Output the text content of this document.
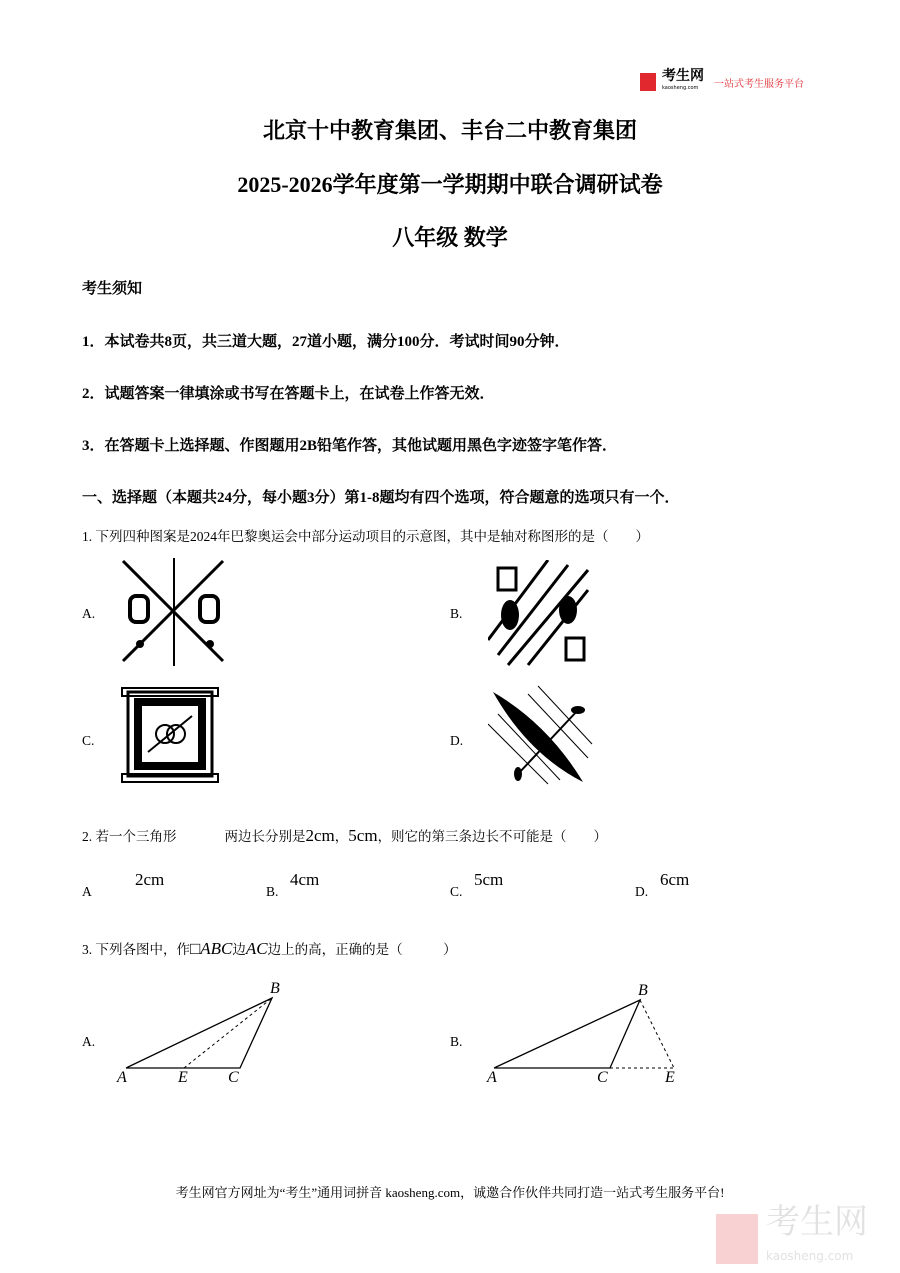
考生网
kaosheng.com	一站式考生服务平台
北京十中教育集团、丰台二中教育集团
2025-2026学年度第一学期期中联合调研试卷
八年级 数学
考生须知
1．本试卷共8页，共三道大题，27道小题，满分100分．考试时间90分钟．
2．试题答案一律填涂或书写在答题卡上，在试卷上作答无效．
3．在答题卡上选择题、作图题用2B铅笔作答，其他试题用黑色字迹签字笔作答．
一、选择题（本题共24分，每小题3分）第1-8题均有四个选项，符合题意的选项只有一个．
1. 下列四种图案是2024年巴黎奥运会中部分运动项目的示意图，其中是轴对称图形的是（　　）
A.	B.
C.	D.
2. 若一个三角形	两边长分别是2cm，5cm，则它的第三条边长不可能是（　　）
A
2cm
B.
4cm
C.
5cm
D.
6cm
3. 下列各图中，作□ABC边AC边上的高，正确的是（　　　）
A.	B.
A	E	C
B
A	C	E
B
考生网官方网址为“考生”通用词拼音 kaosheng.com，诚邀合作伙伴共同打造一站式考生服务平台!
考生网
kaosheng.com
